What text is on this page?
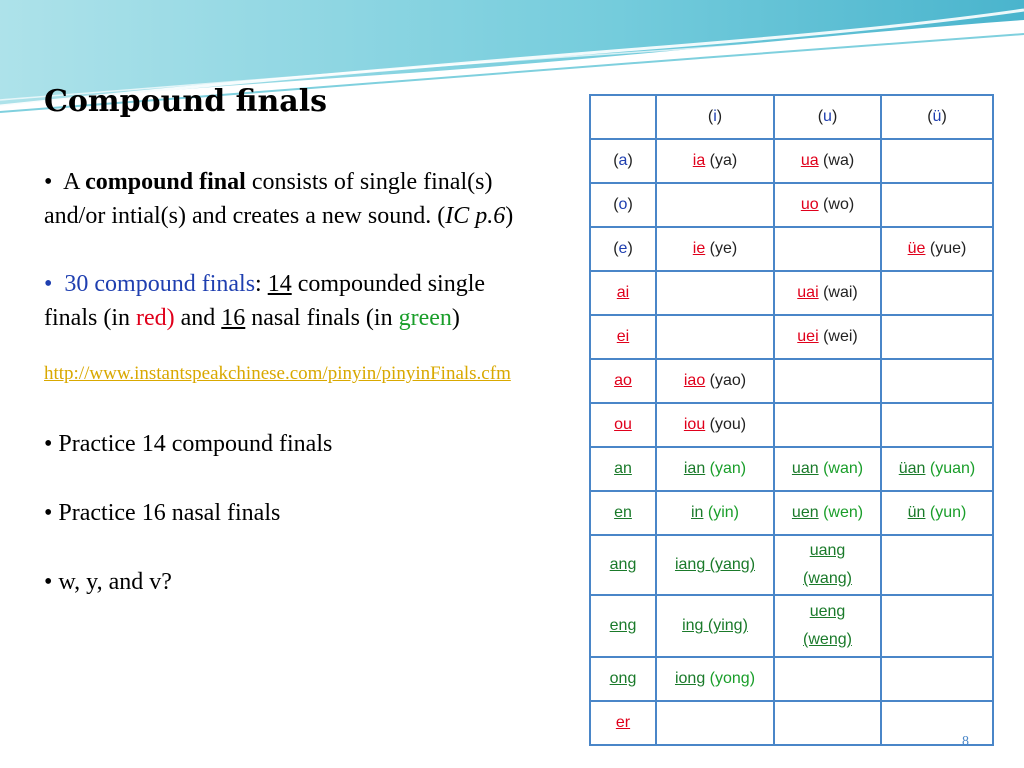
Compound finals

•  A compound final consists of single final(s) and/or intial(s) and creates a new sound. (IC p.6)

•  30 compound finals: 14 compounded single finals (in red) and 16 nasal finals (in green)

http://www.instantspeakchinese.com/pinyin/pinyinFinals.cfm

• Practice 14 compound finals

• Practice 16 nasal finals

• w, y, and v?

	(i)	(u)	(ü)
(a)	ia (ya)	ua (wa)	
(o)		uo (wo)	
(e)	ie (ye)		üe (yue)
ai		uai (wai)	
ei		uei (wei)	
ao	iao (yao)		
ou	iou (you)		
an	ian (yan)	uan (wan)	üan (yuan)
en	in (yin)	uen (wen)	ün (yun)
ang	iang (yang)	uang
(wang)	
eng	ing (ying)	ueng
(weng)	
ong	iong (yong)		
er			
8
